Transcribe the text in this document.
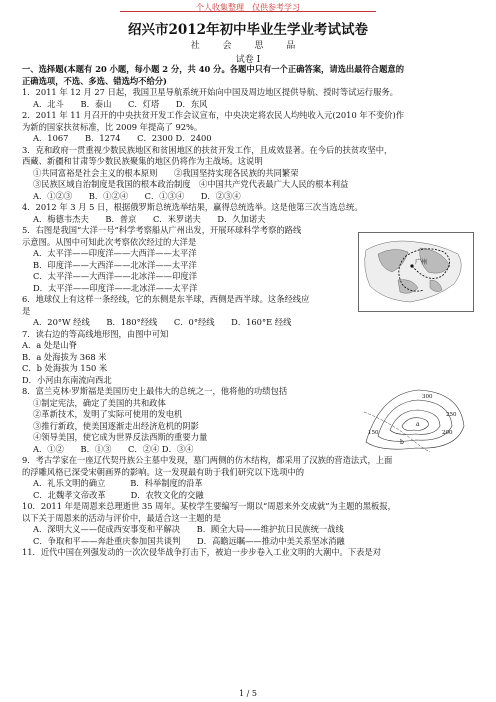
个人收集整理　仅供参考学习
绍兴市2012年初中毕业生学业考试试卷
社 会 思 品
试卷 I

一、选择题(本题有 20 小题，每小题 2 分，共 40 分。各题中只有一个正确答案，请选出最符合题意的

正确选项，不选、多选、错选均不给分)

1．2011 年 12 月 27 日起，我国卫星导航系统开始向中国及周边地区提供导航、授时等试运行服务。

A．北斗　　B．泰山　　C．灯塔　　D．东风

2．2011 年 11 月召开的中央扶贫开发工作会议宣布，中央决定将农民人均纯收入元(2010 年不变价)作

为新的国家扶贫标准，比 2009 年提高了 92%。

A．1067　　B．1274　　C．2300 D．2400

3．克和政府一贯重视少数民族地区和贫困地区的扶贫开发工作，且成效显著。在今后的扶贫攻坚中，

西藏、新疆和甘肃等少数民族聚集的地区仍将作为主战场。这说明

①共同富裕是社会主义的根本原则　　②我国坚持实现各民族的共同繁荣

③民族区域自治制度是我国的根本政治制度　④中国共产党代表最广大人民的根本利益

A．①②③　　B．①②④　　C．①③④　　D．②③④

4．2012 年 3 月 5 日，根据俄罗斯总统选举结果，赢得总统选举。这是他第三次当选总统。

A．梅德韦杰夫　　B．普京　　C．米罗诺夫　　D．久加诺夫

5．右图是我国“大洋一号”科学考察船从广州出发，开展环球科学考察的路线

示意图。从图中可知此次考察依次经过的大洋是

A．太平洋——印度洋——大西洋——太平洋

B．印度洋——大西洋——北冰洋——太平洋

C．太平洋——大西洋——北冰洋——印度洋

D．太平洋——印度洋——北冰洋——太平洋

6．地球仪上有这样一条经线，它的东侧是东半球，西侧是西半球。这条经线应

是

A．20°W 经线　　B．180°经线　　C．0°经线　　D．160°E 经线

7．读右边的等高线地形图，由图中可知

A．a 处是山脊

B．a 处海拔为 368 米

C．b 处海拔为 150 米

D．小河由东南流向西北

8．富兰克林·罗斯福是美国历史上最伟大的总统之一，他将他的功绩包括

①制定宪法，确定了美国的共和政体

②革新技术，发明了实际可使用的发电机

③推行新政，使美国逐渐走出经济危机的阴影

④领导美国，使它成为世界反法西斯的重要力量

A．①②　　B．①③　　C．②④ D．③④

9．考古学家在一座辽代契丹族公主墓中发现，墓门两侧的仿木结构，都采用了汉族的营造法式，上面

的浮雕风格已深受宋朝画界的影响。这一发现最有助于我们研究以下选项中的

A．礼乐文明的确立　　　B．科举制度的沿革

C．北魏孝文帝改革　　　D．农牧文化的交融

10．2011 年是周恩来总理逝世 35 周年。某校学生要编写一期以“周恩来外交成就”为主题的黑板报，

以下关于周恩来的活动与评价中，最适合这一主题的是

A．深明大义——促成西安事变和平解决　　B．顾全大局——维护抗日民族统一战线

C．争取和平——奔赴重庆参加国共谈判　　D．高瞻远瞩——推动中美关系坚冰消融

11．近代中国在列强发动的一次次侵华战争打击下，被迫一步步卷入工业文明的大潮中。下表是对

广州
300
250
200
150
a
b
1 / 5
